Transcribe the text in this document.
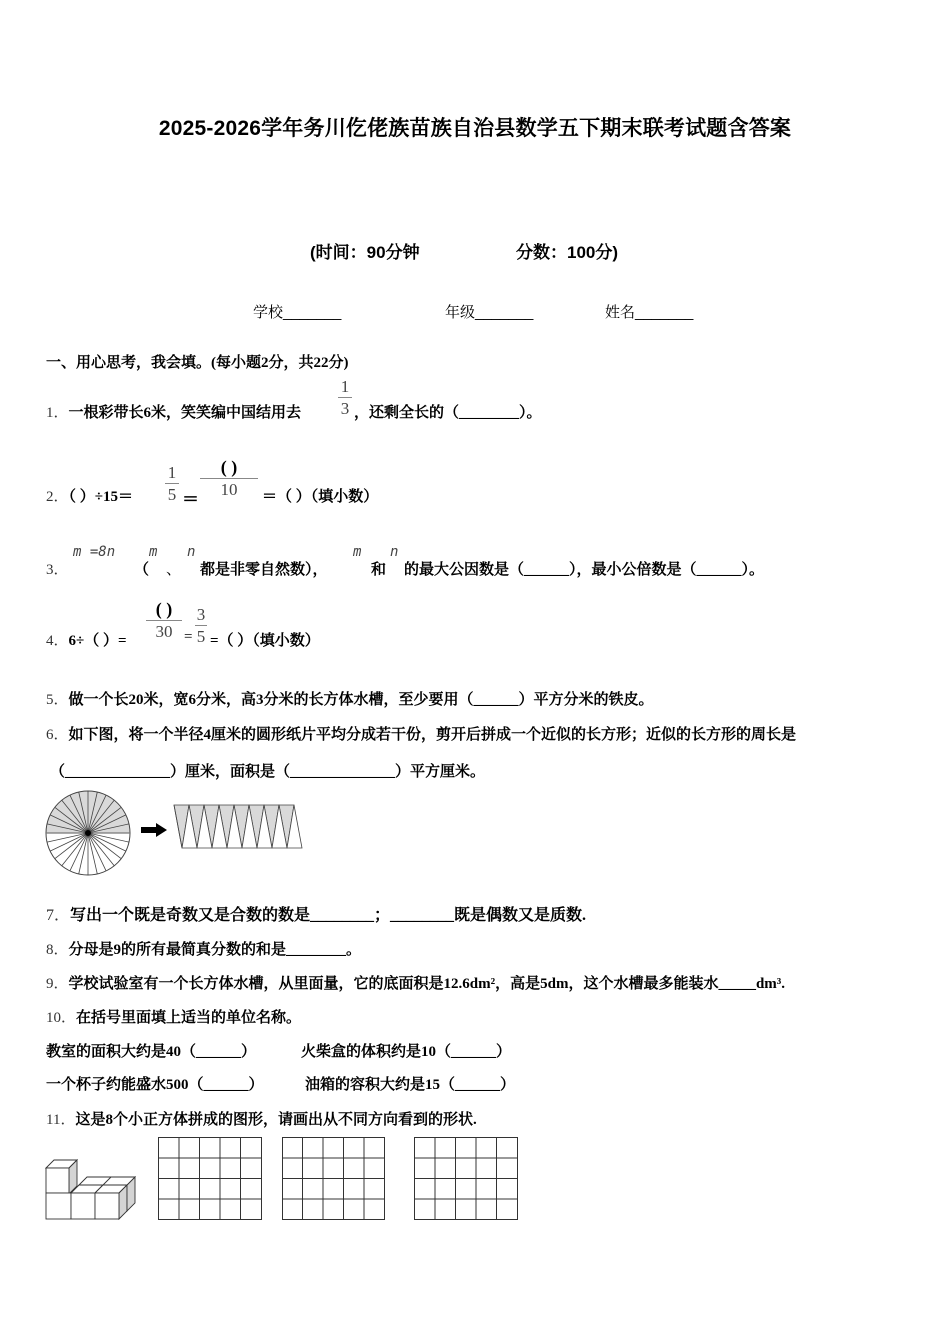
2025-2026学年务川仡佬族苗族自治县数学五下期末联考试题含答案
(时间：90分钟	分数：100分)
学校_______	年级_______	姓名_______
一、用心思考，我会填。(每小题2分，共22分)
1．一根彩带长6米，笑笑编中国结用去
1
3 ，还剩全长的（________）。
2．（ ）÷15＝
1
5 ＝
( )
10	＝（ ）（填小数）
3．
m =8n
（
m
、
n
都是非零自然数），
m
和
n
的最大公因数是（______），最小公倍数是（______）。
4．6÷（ ）=
( )
30 =
3
5 =（ ）（填小数）
5．做一个长20米，宽6分米，高3分米的长方体水槽，至少要用（______）平方分米的铁皮。
6．如下图，将一个半径4厘米的圆形纸片平均分成若干份，剪开后拼成一个近似的长方形；近似的长方形的周长是
（______________）厘米，面积是（______________）平方厘米。
7．写出一个既是奇数又是合数的数是________；________既是偶数又是质数.
8．分母是9的所有最简真分数的和是________。
9．学校试验室有一个长方体水槽，从里面量，它的底面积是12.6dm²，高是5dm，这个水槽最多能装水_____dm³.
10．在括号里面填上适当的单位名称。
教室的面积大约是40（______）	火柴盒的体积约是10（______）
一个杯子约能盛水500（______）	油箱的容积大约是15（______）
11．这是8个小正方体拼成的图形，请画出从不同方向看到的形状.
